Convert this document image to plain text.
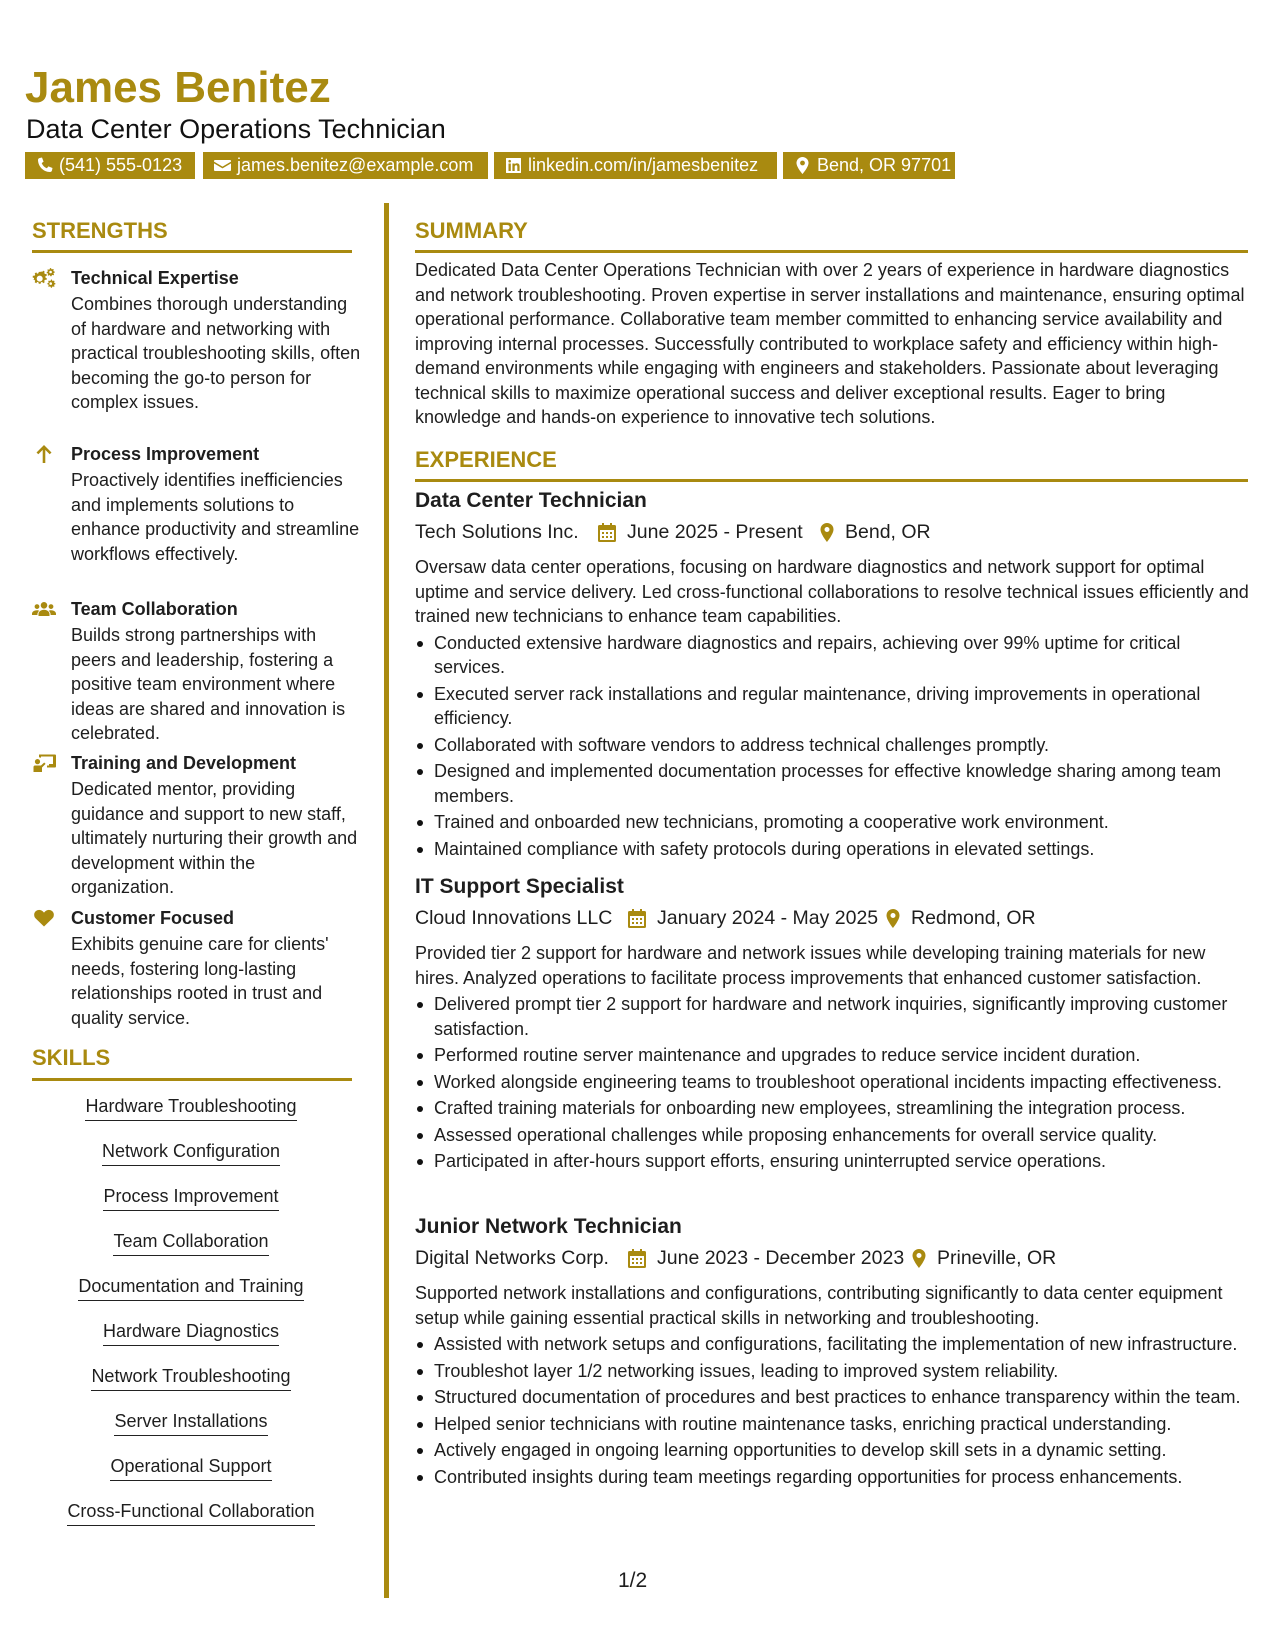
James Benitez
Data Center Operations Technician
(541) 555-0123	james.benitez@example.com	linkedin.com/in/jamesbenitez	Bend, OR 97701
STRENGTHS
Technical Expertise
Combines thorough understanding of hardware and networking with practical troubleshooting skills, often becoming the go-to person for complex issues.
Process Improvement
Proactively identifies inefficiencies and implements solutions to enhance productivity and streamline workflows effectively.
Team Collaboration
Builds strong partnerships with peers and leadership, fostering a positive team environment where ideas are shared and innovation is celebrated.
Training and Development
Dedicated mentor, providing guidance and support to new staff, ultimately nurturing their growth and development within the organization.
Customer Focused
Exhibits genuine care for clients' needs, fostering long-lasting relationships rooted in trust and quality service.
SKILLS
Hardware Troubleshooting
Network Configuration
Process Improvement
Team Collaboration
Documentation and Training
Hardware Diagnostics
Network Troubleshooting
Server Installations
Operational Support
Cross-Functional Collaboration
SUMMARY
Dedicated Data Center Operations Technician with over 2 years of experience in hardware diagnostics and network troubleshooting. Proven expertise in server installations and maintenance, ensuring optimal operational performance. Collaborative team member committed to enhancing service availability and improving internal processes. Successfully contributed to workplace safety and efficiency within high-demand environments while engaging with engineers and stakeholders. Passionate about leveraging technical skills to maximize operational success and deliver exceptional results. Eager to bring knowledge and hands-on experience to innovative tech solutions.
EXPERIENCE
Data Center Technician
Tech Solutions Inc. June 2025 - Present Bend, OR
Oversaw data center operations, focusing on hardware diagnostics and network support for optimal uptime and service delivery. Led cross-functional collaborations to resolve technical issues efficiently and trained new technicians to enhance team capabilities.
Conducted extensive hardware diagnostics and repairs, achieving over 99% uptime for critical services.
Executed server rack installations and regular maintenance, driving improvements in operational efficiency.
Collaborated with software vendors to address technical challenges promptly.
Designed and implemented documentation processes for effective knowledge sharing among team members.
Trained and onboarded new technicians, promoting a cooperative work environment.
Maintained compliance with safety protocols during operations in elevated settings.
IT Support Specialist
Cloud Innovations LLC January 2024 - May 2025 Redmond, OR
Provided tier 2 support for hardware and network issues while developing training materials for new hires. Analyzed operations to facilitate process improvements that enhanced customer satisfaction.
Delivered prompt tier 2 support for hardware and network inquiries, significantly improving customer satisfaction.
Performed routine server maintenance and upgrades to reduce service incident duration.
Worked alongside engineering teams to troubleshoot operational incidents impacting effectiveness.
Crafted training materials for onboarding new employees, streamlining the integration process.
Assessed operational challenges while proposing enhancements for overall service quality.
Participated in after-hours support efforts, ensuring uninterrupted service operations.
Junior Network Technician
Digital Networks Corp. June 2023 - December 2023 Prineville, OR
Supported network installations and configurations, contributing significantly to data center equipment setup while gaining essential practical skills in networking and troubleshooting.
Assisted with network setups and configurations, facilitating the implementation of new infrastructure.
Troubleshot layer 1/2 networking issues, leading to improved system reliability.
Structured documentation of procedures and best practices to enhance transparency within the team.
Helped senior technicians with routine maintenance tasks, enriching practical understanding.
Actively engaged in ongoing learning opportunities to develop skill sets in a dynamic setting.
Contributed insights during team meetings regarding opportunities for process enhancements.
1/2
